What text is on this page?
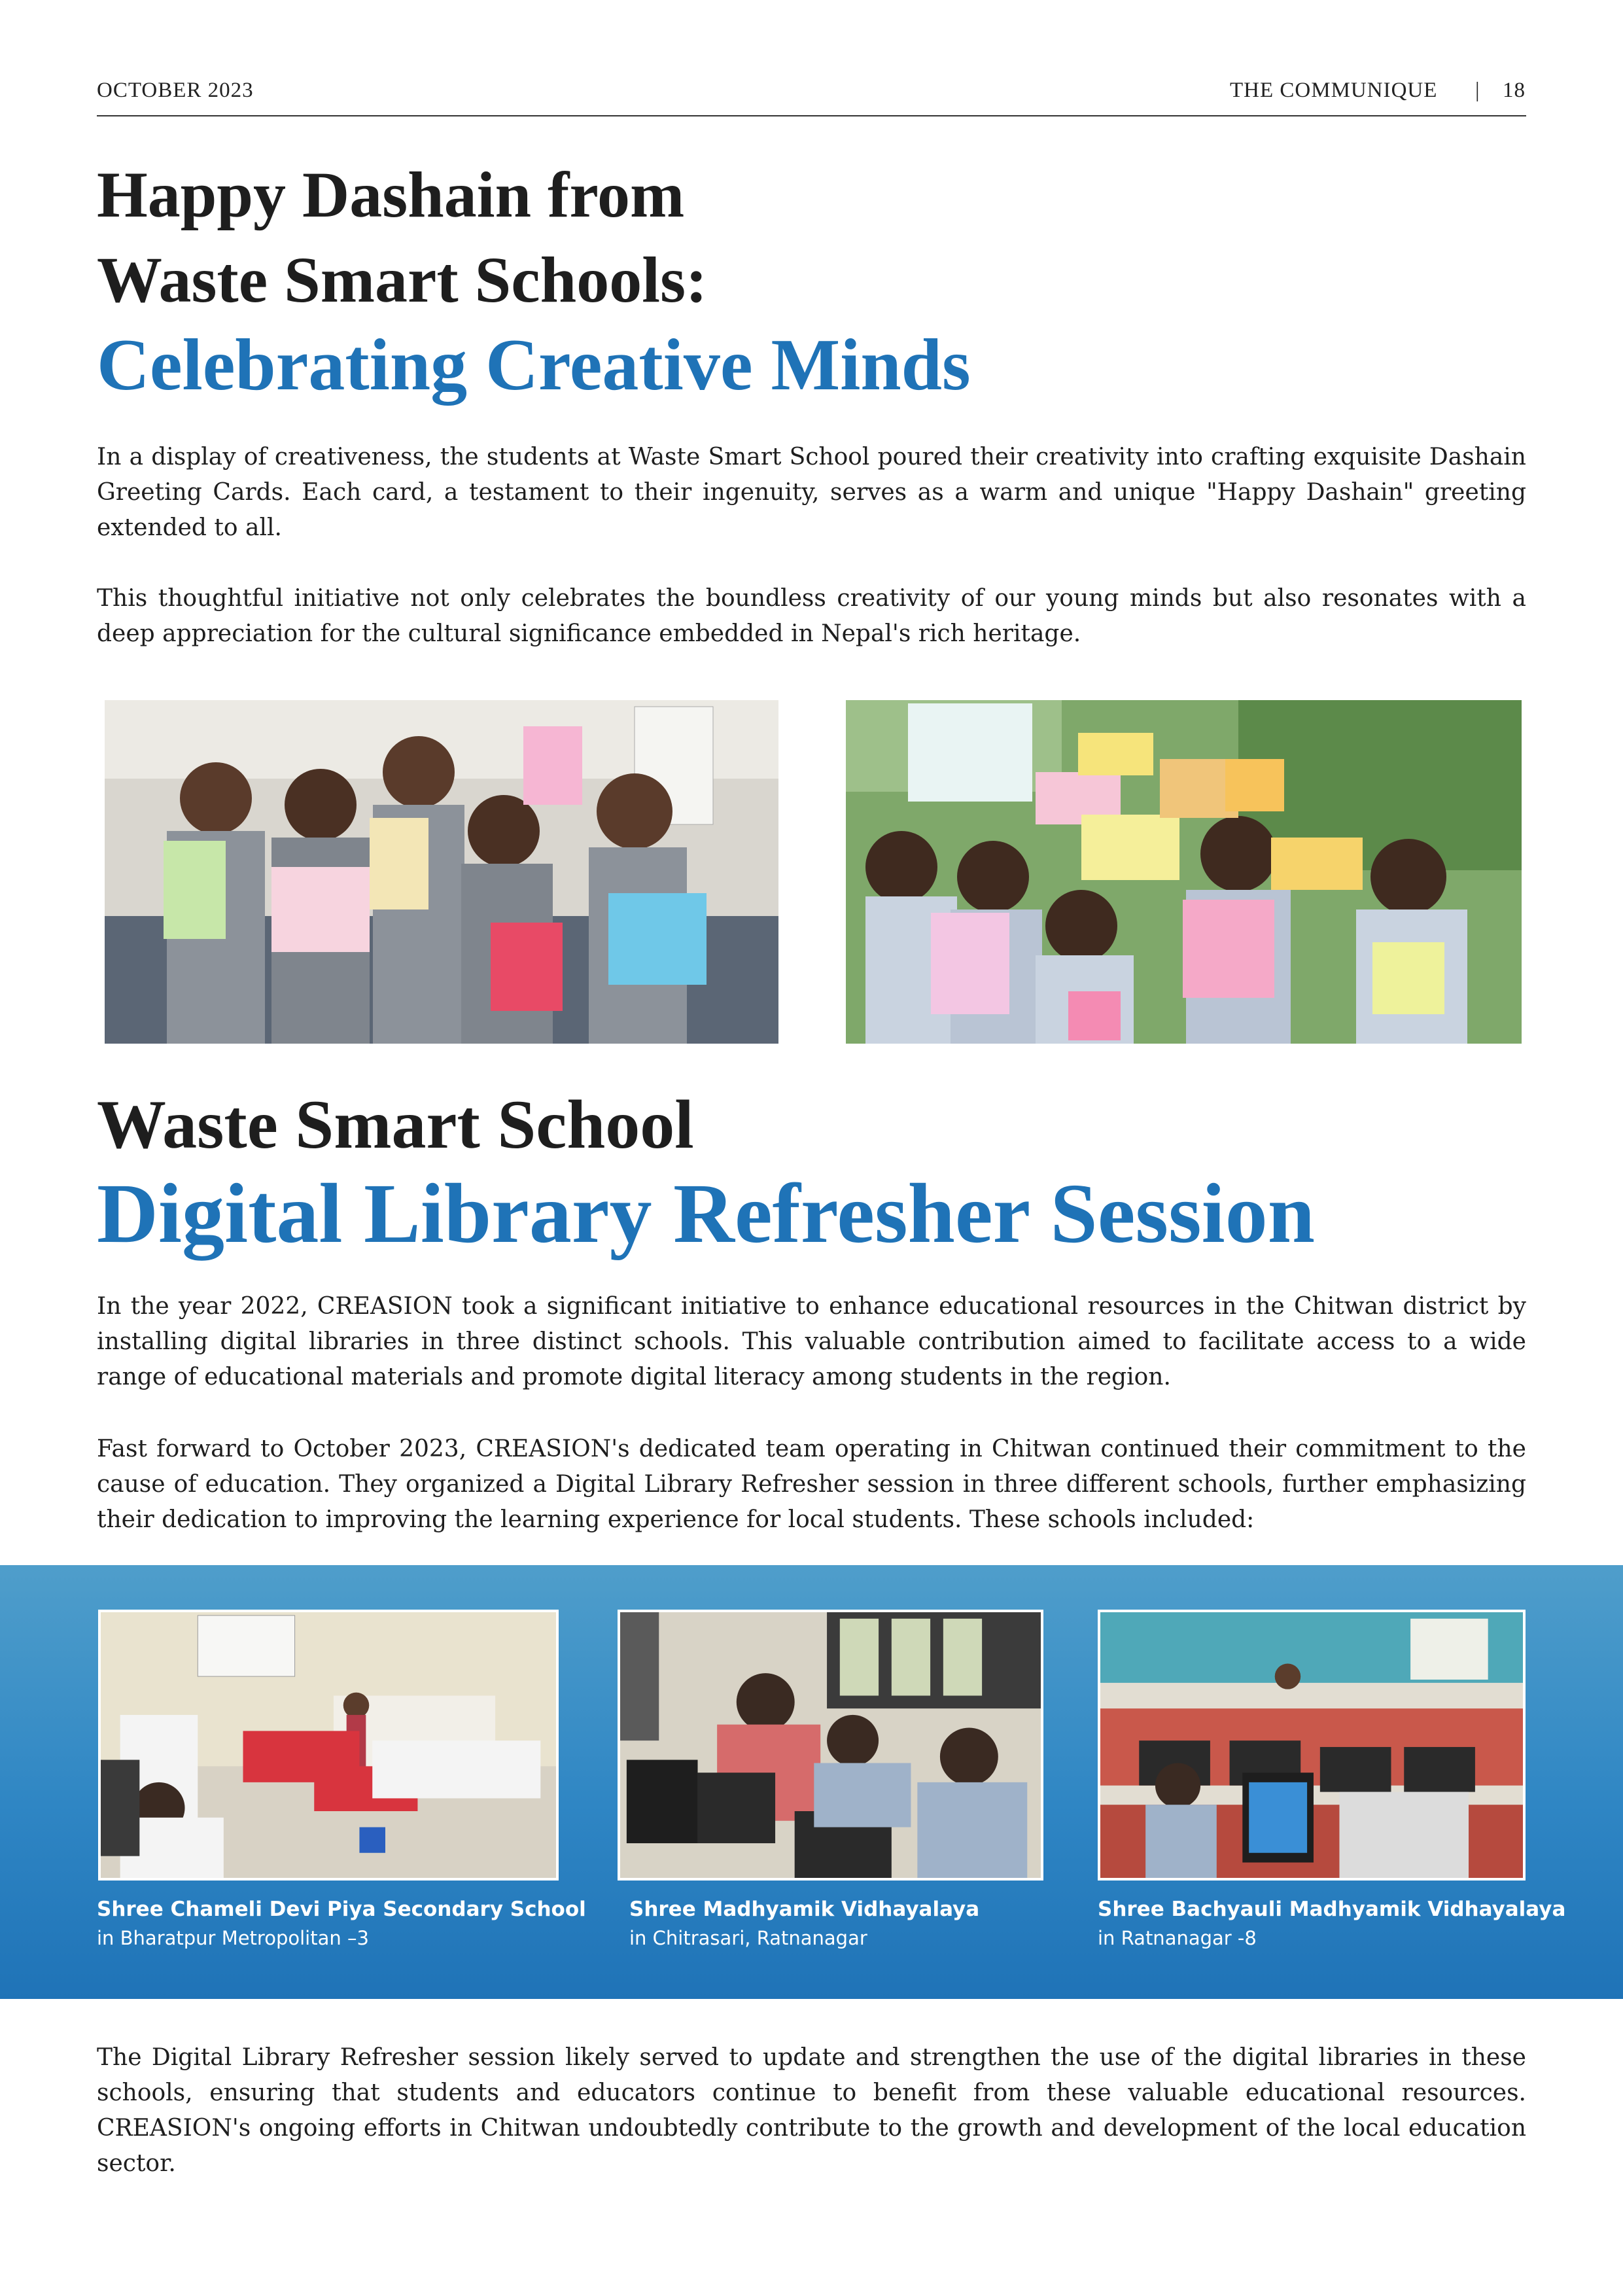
OCTOBER 2023	THE COMMUNIQUE | 18
Happy Dashain from
Waste Smart Schools:
Celebrating Creative Minds
In a display of creativeness, the students at Waste Smart School poured their creativity into crafting exquisite Dashain Greeting Cards. Each card, a testament to their ingenuity, serves as a warm and unique "Happy Dashain" greeting extended to all.
This thoughtful initiative not only celebrates the boundless creativity of our young minds but also resonates with a deep appreciation for the cultural significance embedded in Nepal's rich heritage.
Waste Smart School
Digital Library Refresher Session
In the year 2022, CREASION took a significant initiative to enhance educational resources in the Chitwan district by installing digital libraries in three distinct schools. This valuable contribution aimed to facilitate access to a wide range of educational materials and promote digital literacy among students in the region.
Fast forward to October 2023, CREASION's dedicated team operating in Chitwan continued their commitment to the cause of education. They organized a Digital Library Refresher session in three different schools, further emphasizing their dedication to improving the learning experience for local students. These schools included:
Shree Chameli Devi Piya Secondary School
in Bharatpur Metropolitan –3
Shree Madhyamik Vidhayalaya
in Chitrasari, Ratnanagar
Shree Bachyauli Madhyamik Vidhayalaya
in Ratnanagar -8
The Digital Library Refresher session likely served to update and strengthen the use of the digital libraries in these schools, ensuring that students and educators continue to benefit from these valuable educational resources. CREASION's ongoing efforts in Chitwan undoubtedly contribute to the growth and development of the local education sector.
